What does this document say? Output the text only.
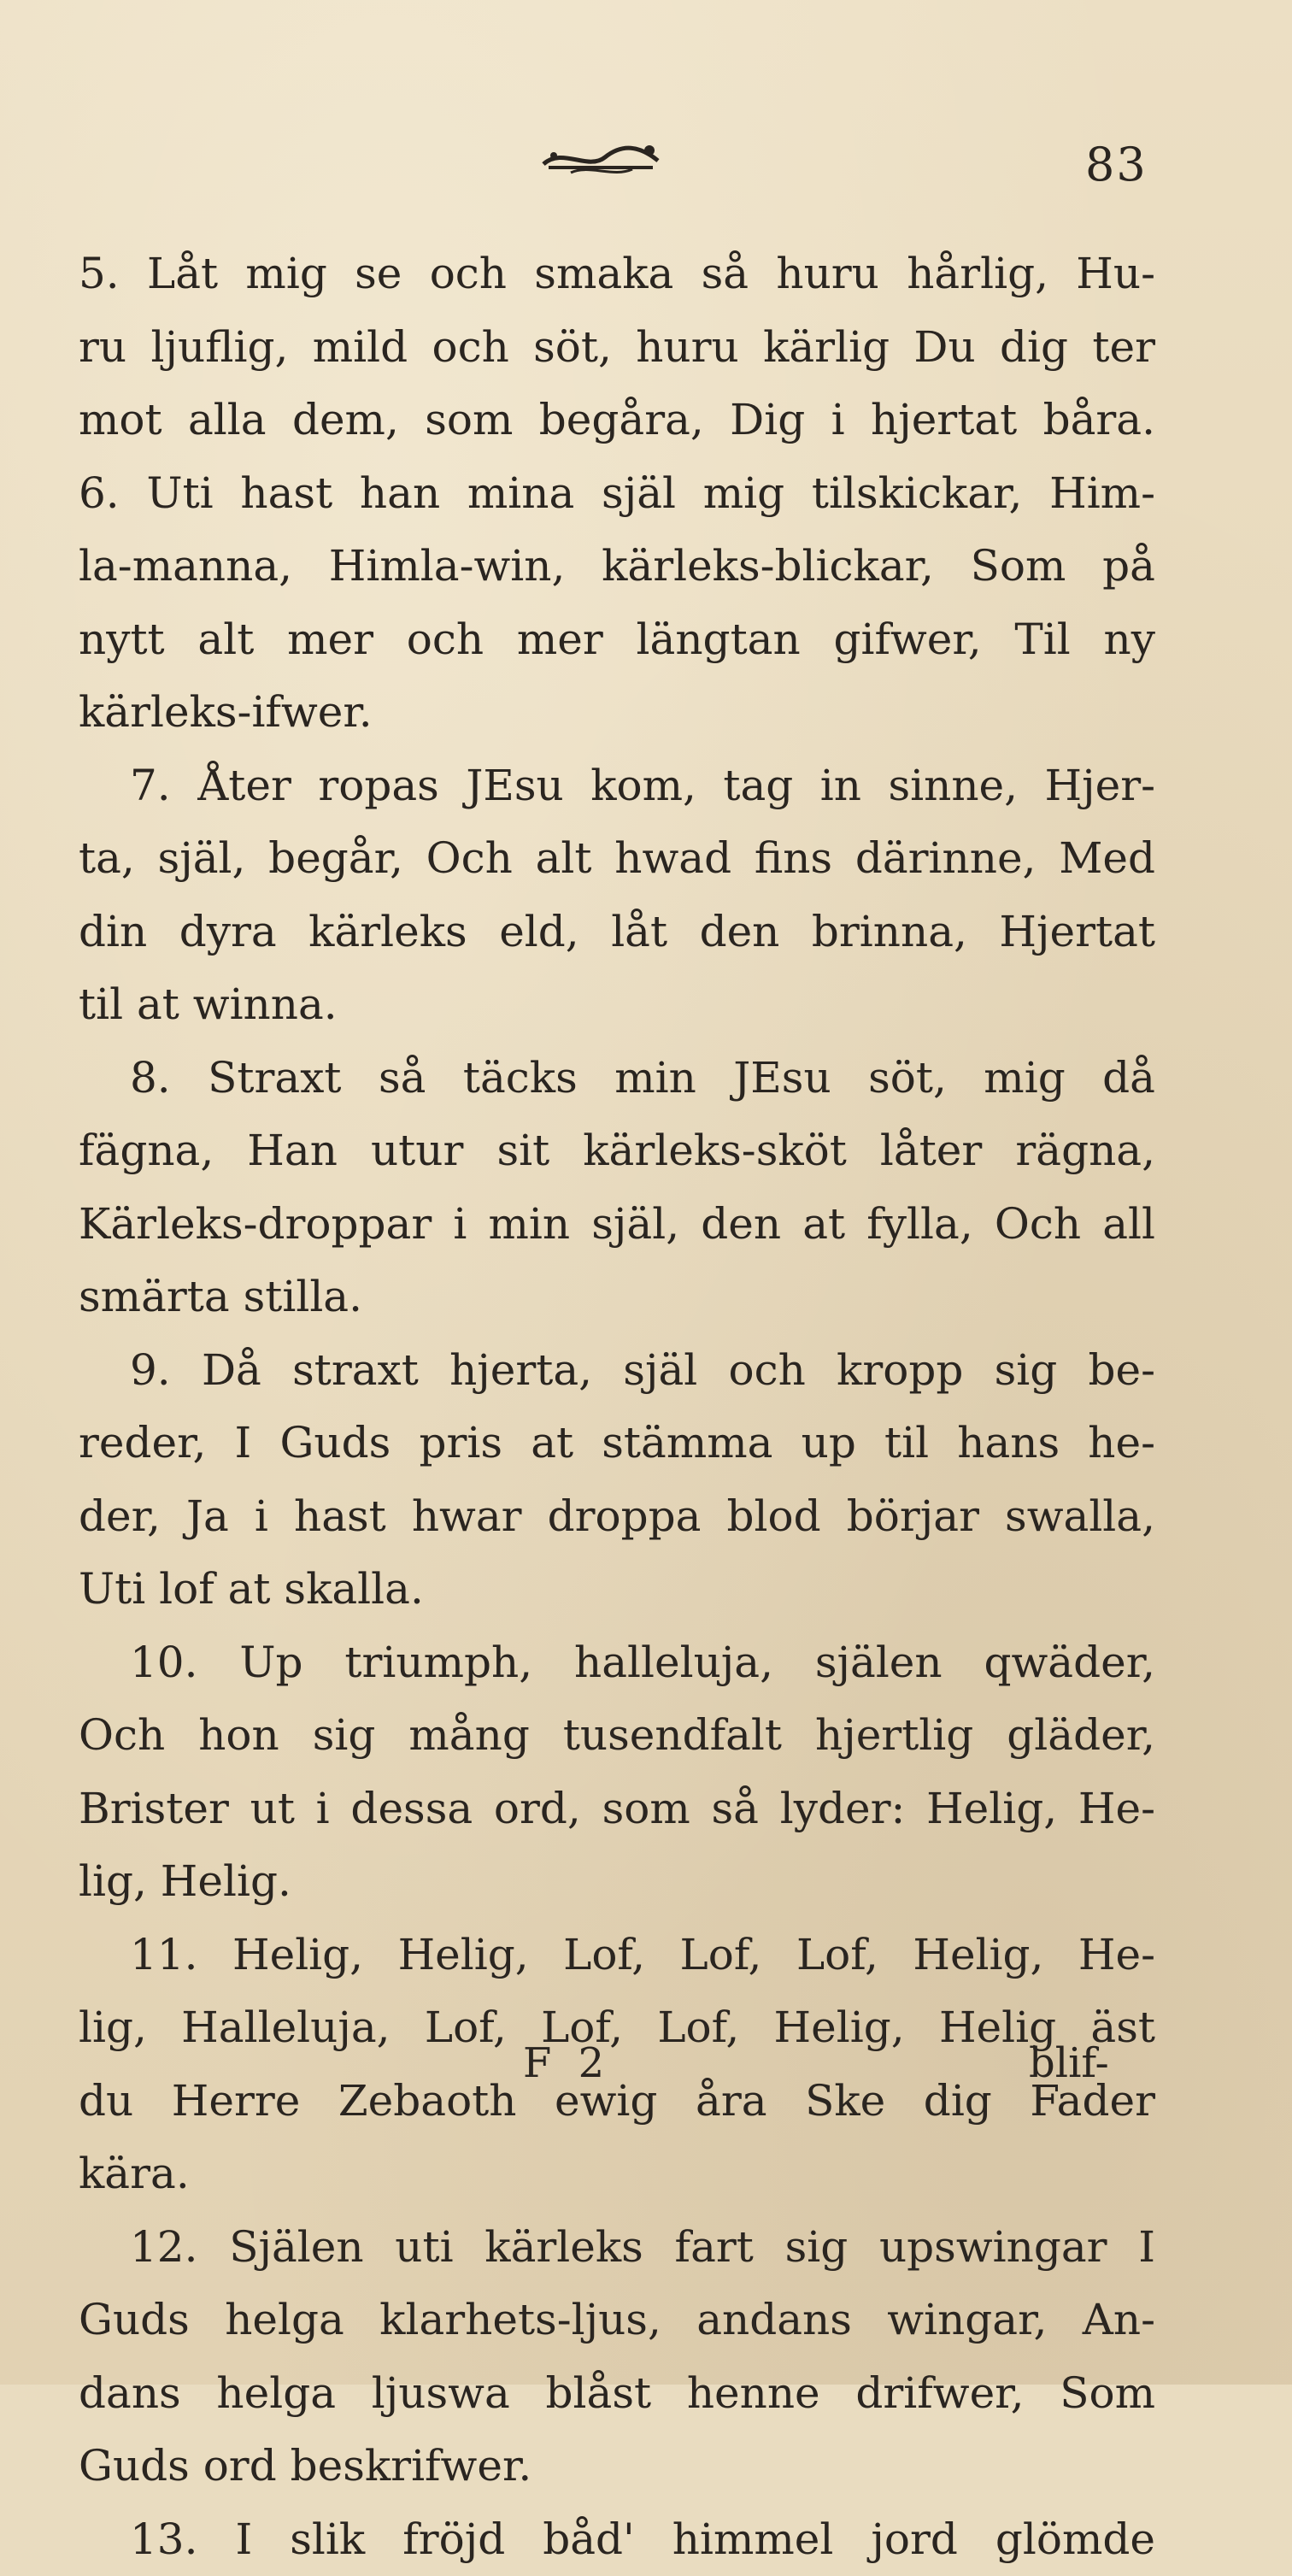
83
5. Låt mig se och smaka så huru hårlig, Hu-
ru ljuflig, mild och söt, huru kärlig Du dig ter
mot alla dem, som begåra, Dig i hjertat båra.
6. Uti hast han mina själ mig tilskickar, Him-
la-manna, Himla-win, kärleks-blickar, Som på
nytt alt mer och mer längtan gifwer, Til ny
kärleks-ifwer.
7. Åter ropas JEsu kom, tag in sinne, Hjer-
ta, själ, begår, Och alt hwad fins därinne, Med
din dyra kärleks eld, låt den brinna, Hjertat
til at winna.
8. Straxt så täcks min JEsu söt, mig då
fägna, Han utur sit kärleks-sköt låter rägna,
Kärleks-droppar i min själ, den at fylla, Och all
smärta stilla.
9. Då straxt hjerta, själ och kropp sig be-
reder, I Guds pris at stämma up til hans he-
der, Ja i hast hwar droppa blod börjar swalla,
Uti lof at skalla.
10. Up triumph, halleluja, själen qwäder,
Och hon sig mång tusendfalt hjertlig gläder,
Brister ut i dessa ord, som så lyder: Helig, He-
lig, Helig.
11. Helig, Helig, Lof, Lof, Lof, Helig, He-
lig, Halleluja, Lof, Lof, Lof, Helig, Helig äst
du Herre Zebaoth ewig åra Ske dig Fader
kära.
12. Själen uti kärleks fart sig upswingar I
Guds helga klarhets-ljus, andans wingar, An-
dans helga ljuswa blåst henne drifwer, Som
Guds ord beskrifwer.
13. I slik fröjd båd' himmel jord glömde
F 2	blif-
